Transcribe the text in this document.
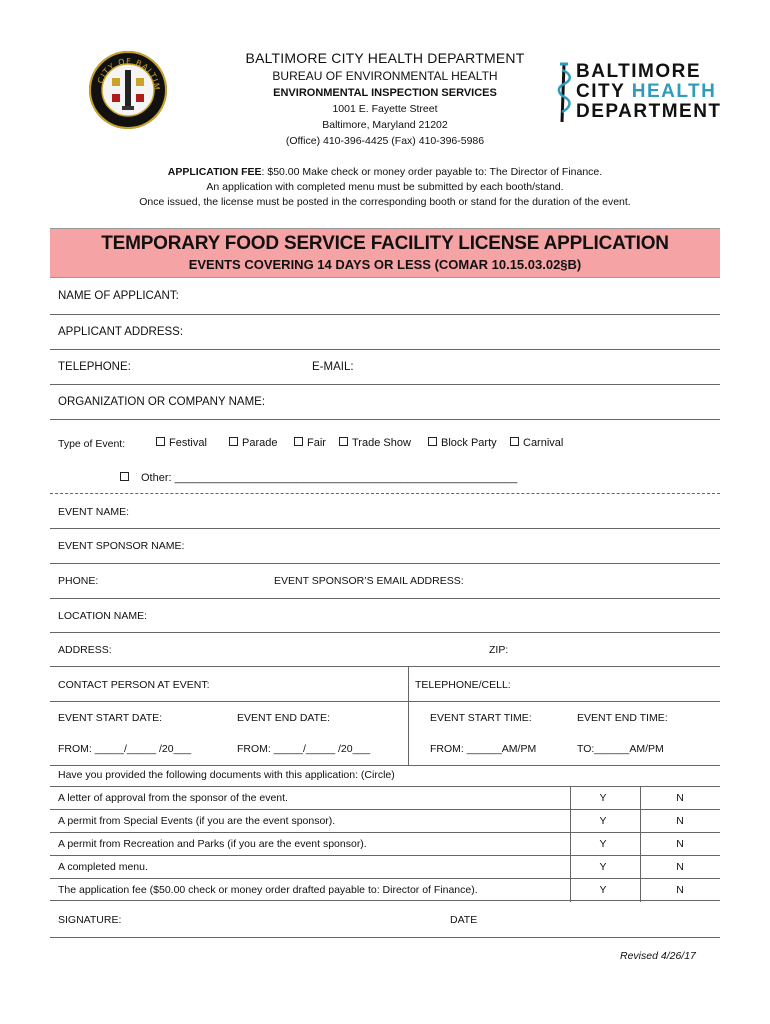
CITY OF BALTIM
BALTIMORE CITY HEALTH DEPARTMENT
BUREAU OF ENVIRONMENTAL HEALTH
ENVIRONMENTAL INSPECTION SERVICES
1001 E. Fayette Street
Baltimore, Maryland 21202
(Office) 410-396-4425 (Fax) 410-396-5986
BALTIMORE
CITY HEALTH
DEPARTMENT
APPLICATION FEE: $50.00 Make check or money order payable to: The Director of Finance.
An application with completed menu must be submitted by each booth/stand.
Once issued, the license must be posted in the corresponding booth or stand for the duration of the event.
TEMPORARY FOOD SERVICE FACILITY LICENSE APPLICATION
EVENTS COVERING 14 DAYS OR LESS (COMAR 10.15.03.02§B)
NAME OF APPLICANT:
APPLICANT ADDRESS:
TELEPHONE:	E-MAIL:
ORGANIZATION OR COMPANY NAME:
Type of Event:	Festival	Parade	Fair	Trade Show	Block Party	Carnival
Other: ________________________________________________________
EVENT NAME:
EVENT SPONSOR NAME:
PHONE:	EVENT SPONSOR’S EMAIL ADDRESS:
LOCATION NAME:
ADDRESS:	ZIP:
CONTACT PERSON AT EVENT:	TELEPHONE/CELL:
EVENT START DATE:	EVENT END DATE:	EVENT START TIME:	EVENT END TIME:
FROM: _____/_____ /20___	FROM: _____/_____ /20___	FROM: ______AM/PM	TO:______AM/PM
Have you provided the following documents with this application: (Circle)
A letter of approval from the sponsor of the event.	Y	N
A permit from Special Events (if you are the event sponsor).	Y	N
A permit from Recreation and Parks (if you are the event sponsor).	Y	N
A completed menu.	Y	N
The application fee ($50.00 check or money order drafted payable to: Director of Finance).	Y	N
SIGNATURE:	DATE
Revised 4/26/17
